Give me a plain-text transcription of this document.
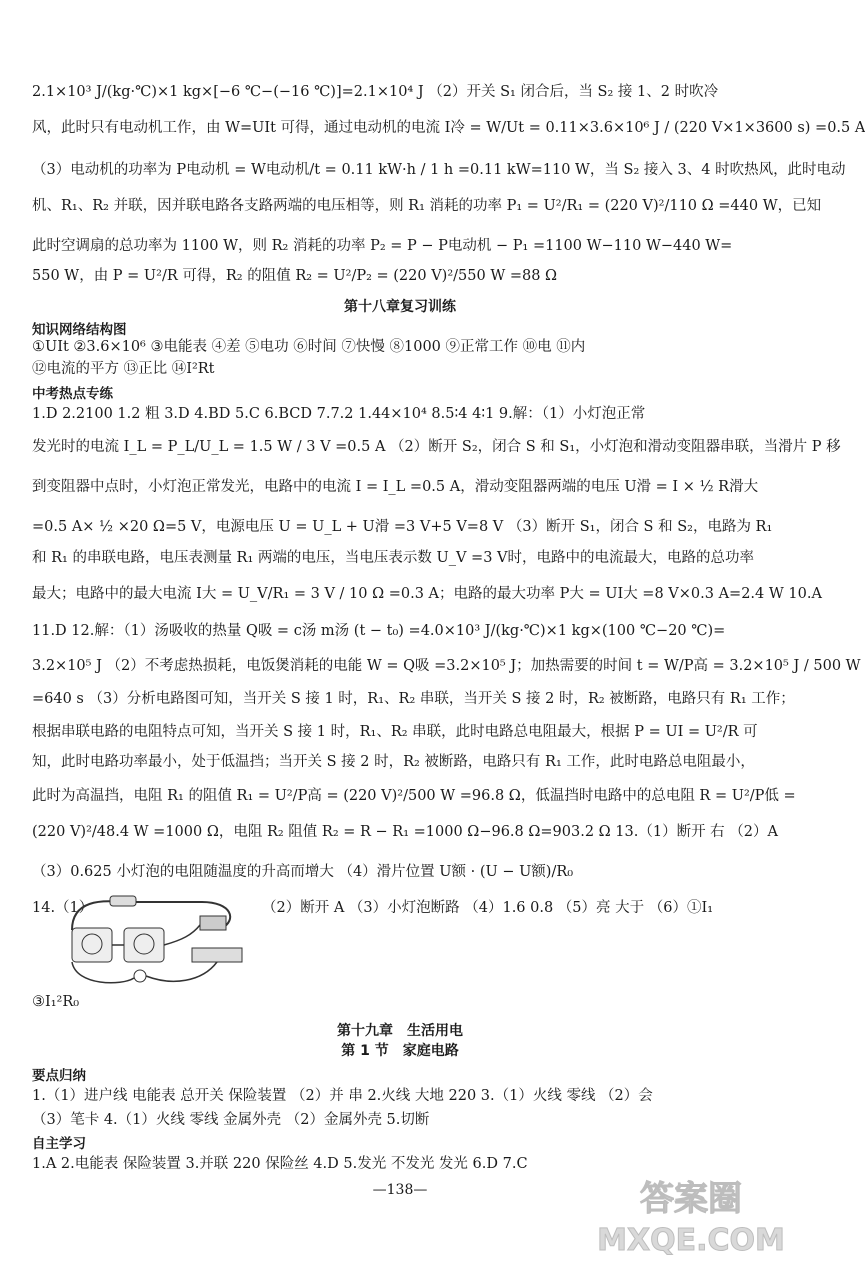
2.1×10³ J/(kg·℃)×1 kg×[−6 ℃−(−16 ℃)]=2.1×10⁴ J （2）开关 S₁ 闭合后，当 S₂ 接 1、2 时吹冷
风，此时只有电动机工作，由 W=UIt 可得，通过电动机的电流 I冷 = W/Ut = 0.11×3.6×10⁶ J / (220 V×1×3600 s) =0.5 A
（3）电动机的功率为 P电动机 = W电动机/t = 0.11 kW·h / 1 h =0.11 kW=110 W，当 S₂ 接入 3、4 时吹热风，此时电动
机、R₁、R₂ 并联，因并联电路各支路两端的电压相等，则 R₁ 消耗的功率 P₁ = U²/R₁ = (220 V)²/110 Ω =440 W，已知
此时空调扇的总功率为 1100 W，则 R₂ 消耗的功率 P₂ = P − P电动机 − P₁ =1100 W−110 W−440 W=
550 W，由 P = U²/R 可得，R₂ 的阻值 R₂ = U²/P₂ = (220 V)²/550 W =88 Ω
第十八章复习训练
知识网络结构图
①UIt ②3.6×10⁶ ③电能表 ④差 ⑤电功 ⑥时间 ⑦快慢 ⑧1000 ⑨正常工作 ⑩电 ⑪内
⑫电流的平方 ⑬正比 ⑭I²Rt
中考热点专练
1.D 2.2100 1.2 粗 3.D 4.BD 5.C 6.BCD 7.7.2 1.44×10⁴ 8.5∶4 4∶1 9.解：（1）小灯泡正常
发光时的电流 I_L = P_L/U_L = 1.5 W / 3 V =0.5 A （2）断开 S₂，闭合 S 和 S₁，小灯泡和滑动变阻器串联，当滑片 P 移
到变阻器中点时，小灯泡正常发光，电路中的电流 I = I_L =0.5 A，滑动变阻器两端的电压 U滑 = I × ½ R滑大
=0.5 A× ½ ×20 Ω=5 V，电源电压 U = U_L + U滑 =3 V+5 V=8 V （3）断开 S₁，闭合 S 和 S₂，电路为 R₁
和 R₁ 的串联电路，电压表测量 R₁ 两端的电压，当电压表示数 U_V =3 V时，电路中的电流最大，电路的总功率
最大；电路中的最大电流 I大 = U_V/R₁ = 3 V / 10 Ω =0.3 A；电路的最大功率 P大 = UI大 =8 V×0.3 A=2.4 W 10.A
11.D 12.解：（1）汤吸收的热量 Q吸 = c汤 m汤 (t − t₀) =4.0×10³ J/(kg·℃)×1 kg×(100 ℃−20 ℃)=
3.2×10⁵ J （2）不考虑热损耗，电饭煲消耗的电能 W = Q吸 =3.2×10⁵ J；加热需要的时间 t = W/P高 = 3.2×10⁵ J / 500 W
=640 s （3）分析电路图可知，当开关 S 接 1 时，R₁、R₂ 串联，当开关 S 接 2 时，R₂ 被断路，电路只有 R₁ 工作；
根据串联电路的电阻特点可知，当开关 S 接 1 时，R₁、R₂ 串联，此时电路总电阻最大，根据 P = UI = U²/R 可
知，此时电路功率最小，处于低温挡；当开关 S 接 2 时，R₂ 被断路，电路只有 R₁ 工作，此时电路总电阻最小，
此时为高温挡，电阻 R₁ 的阻值 R₁ = U²/P高 = (220 V)²/500 W =96.8 Ω，低温挡时电路中的总电阻 R = U²/P低 =
(220 V)²/48.4 W =1000 Ω，电阻 R₂ 阻值 R₂ = R − R₁ =1000 Ω−96.8 Ω=903.2 Ω 13.（1）断开 右 （2）A
（3）0.625 小灯泡的电阻随温度的升高而增大 （4）滑片位置 U额 · (U − U额)/R₀
14.（1）	（2）断开 A （3）小灯泡断路 （4）1.6 0.8 （5）亮 大于 （6）①I₁
③I₁²R₀
第十九章　生活用电
第 1 节　家庭电路
要点归纳
1.（1）进户线 电能表 总开关 保险装置 （2）并 串 2.火线 大地 220 3.（1）火线 零线 （2）会
（3）笔卡 4.（1）火线 零线 金属外壳 （2）金属外壳 5.切断
自主学习
1.A 2.电能表 保险装置 3.并联 220 保险丝 4.D 5.发光 不发光 发光 6.D 7.C
—138—	答案圈
MXQE.COM
